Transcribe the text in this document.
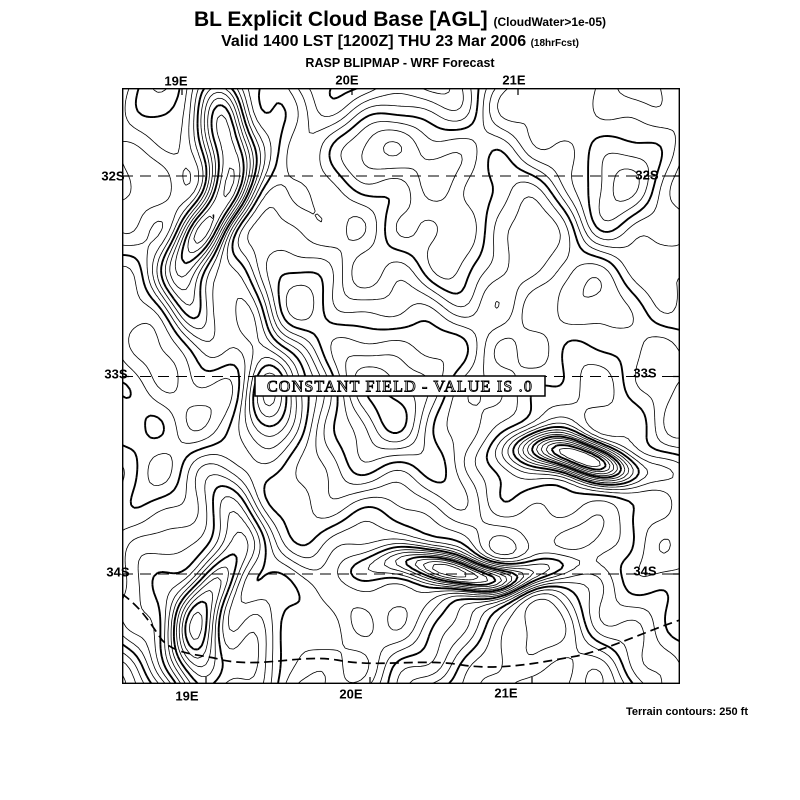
BL Explicit Cloud Base [AGL] (CloudWater>1e-05)
Valid 1400 LST [1200Z] THU 23 Mar 2006 (18hrFcst)
RASP BLIPMAP - WRF Forecast
CONSTANT FIELD - VALUE IS .0
19E	20E	21E
19E	20E	21E
32S
33S
34S
32S
33S
34S
Terrain contours: 250 ft
